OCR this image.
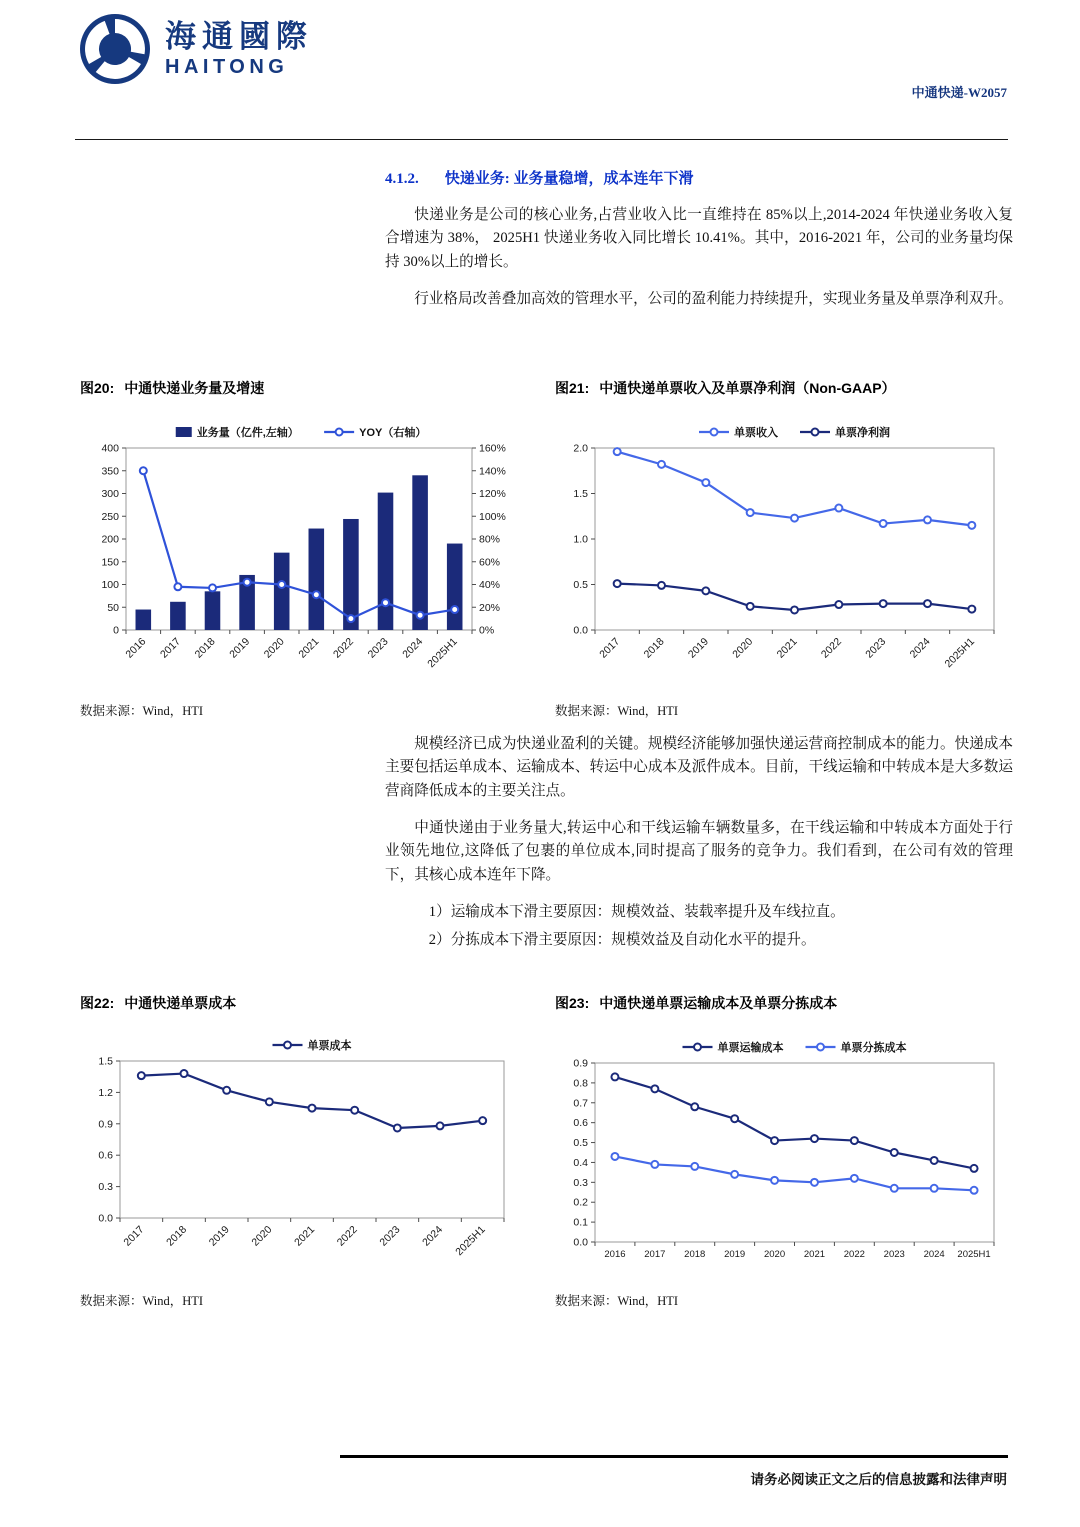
海通國際
HAITONG
中通快递-W2057
4.1.2. 快递业务: 业务量稳增，成本连年下滑

快递业务是公司的核心业务,占营业收入比一直维持在 85%以上,2014-2024 年快递业务收入复合增速为 38%， 2025H1 快递业务收入同比增长 10.41%。其中，2016-2021 年，公司的业务量均保持 30%以上的增长。

行业格局改善叠加高效的管理水平，公司的盈利能力持续提升，实现业务量及单票净利双升。

图20: 中通快递业务量及增速
0
50
100
150
200
250
300
350
400
0%
20%
40%
60%
80%
100%
120%
140%
160%
2016 2017 2018 2019 2020 2021 2022 2023 2024 2025H1
业务量（亿件,左轴）	YOY（右轴）
数据来源：Wind，HTI
图21: 中通快递单票收入及单票净利润（Non-GAAP）
0.0
0.5
1.0
1.5
2.0
2017 2018 2019 2020 2021 2022 2023 2024 2025H1
单票收入	单票净利润
数据来源：Wind，HTI

规模经济已成为快递业盈利的关键。规模经济能够加强快递运营商控制成本的能力。快递成本主要包括运单成本、运输成本、转运中心成本及派件成本。目前，干线运输和中转成本是大多数运营商降低成本的主要关注点。

中通快递由于业务量大,转运中心和干线运输车辆数量多，在干线运输和中转成本方面处于行业领先地位,这降低了包裹的单位成本,同时提高了服务的竞争力。我们看到，在公司有效的管理下，其核心成本连年下降。

1）运输成本下滑主要原因：规模效益、装载率提升及车线拉直。
2）分拣成本下滑主要原因：规模效益及自动化水平的提升。
图22: 中通快递单票成本
0.0
0.3
0.6
0.9
1.2
1.5
2017 2018 2019 2020 2021 2022 2023 2024 2025H1
单票成本
数据来源：Wind，HTI
图23: 中通快递单票运输成本及单票分拣成本
0.0
0.1
0.2
0.3
0.4
0.5
0.6
0.7
0.8
0.9
2016 2017 2018 2019 2020 2021 2022 2023 2024 2025H1
单票运输成本	单票分拣成本
数据来源：Wind，HTI
请务必阅读正文之后的信息披露和法律声明
